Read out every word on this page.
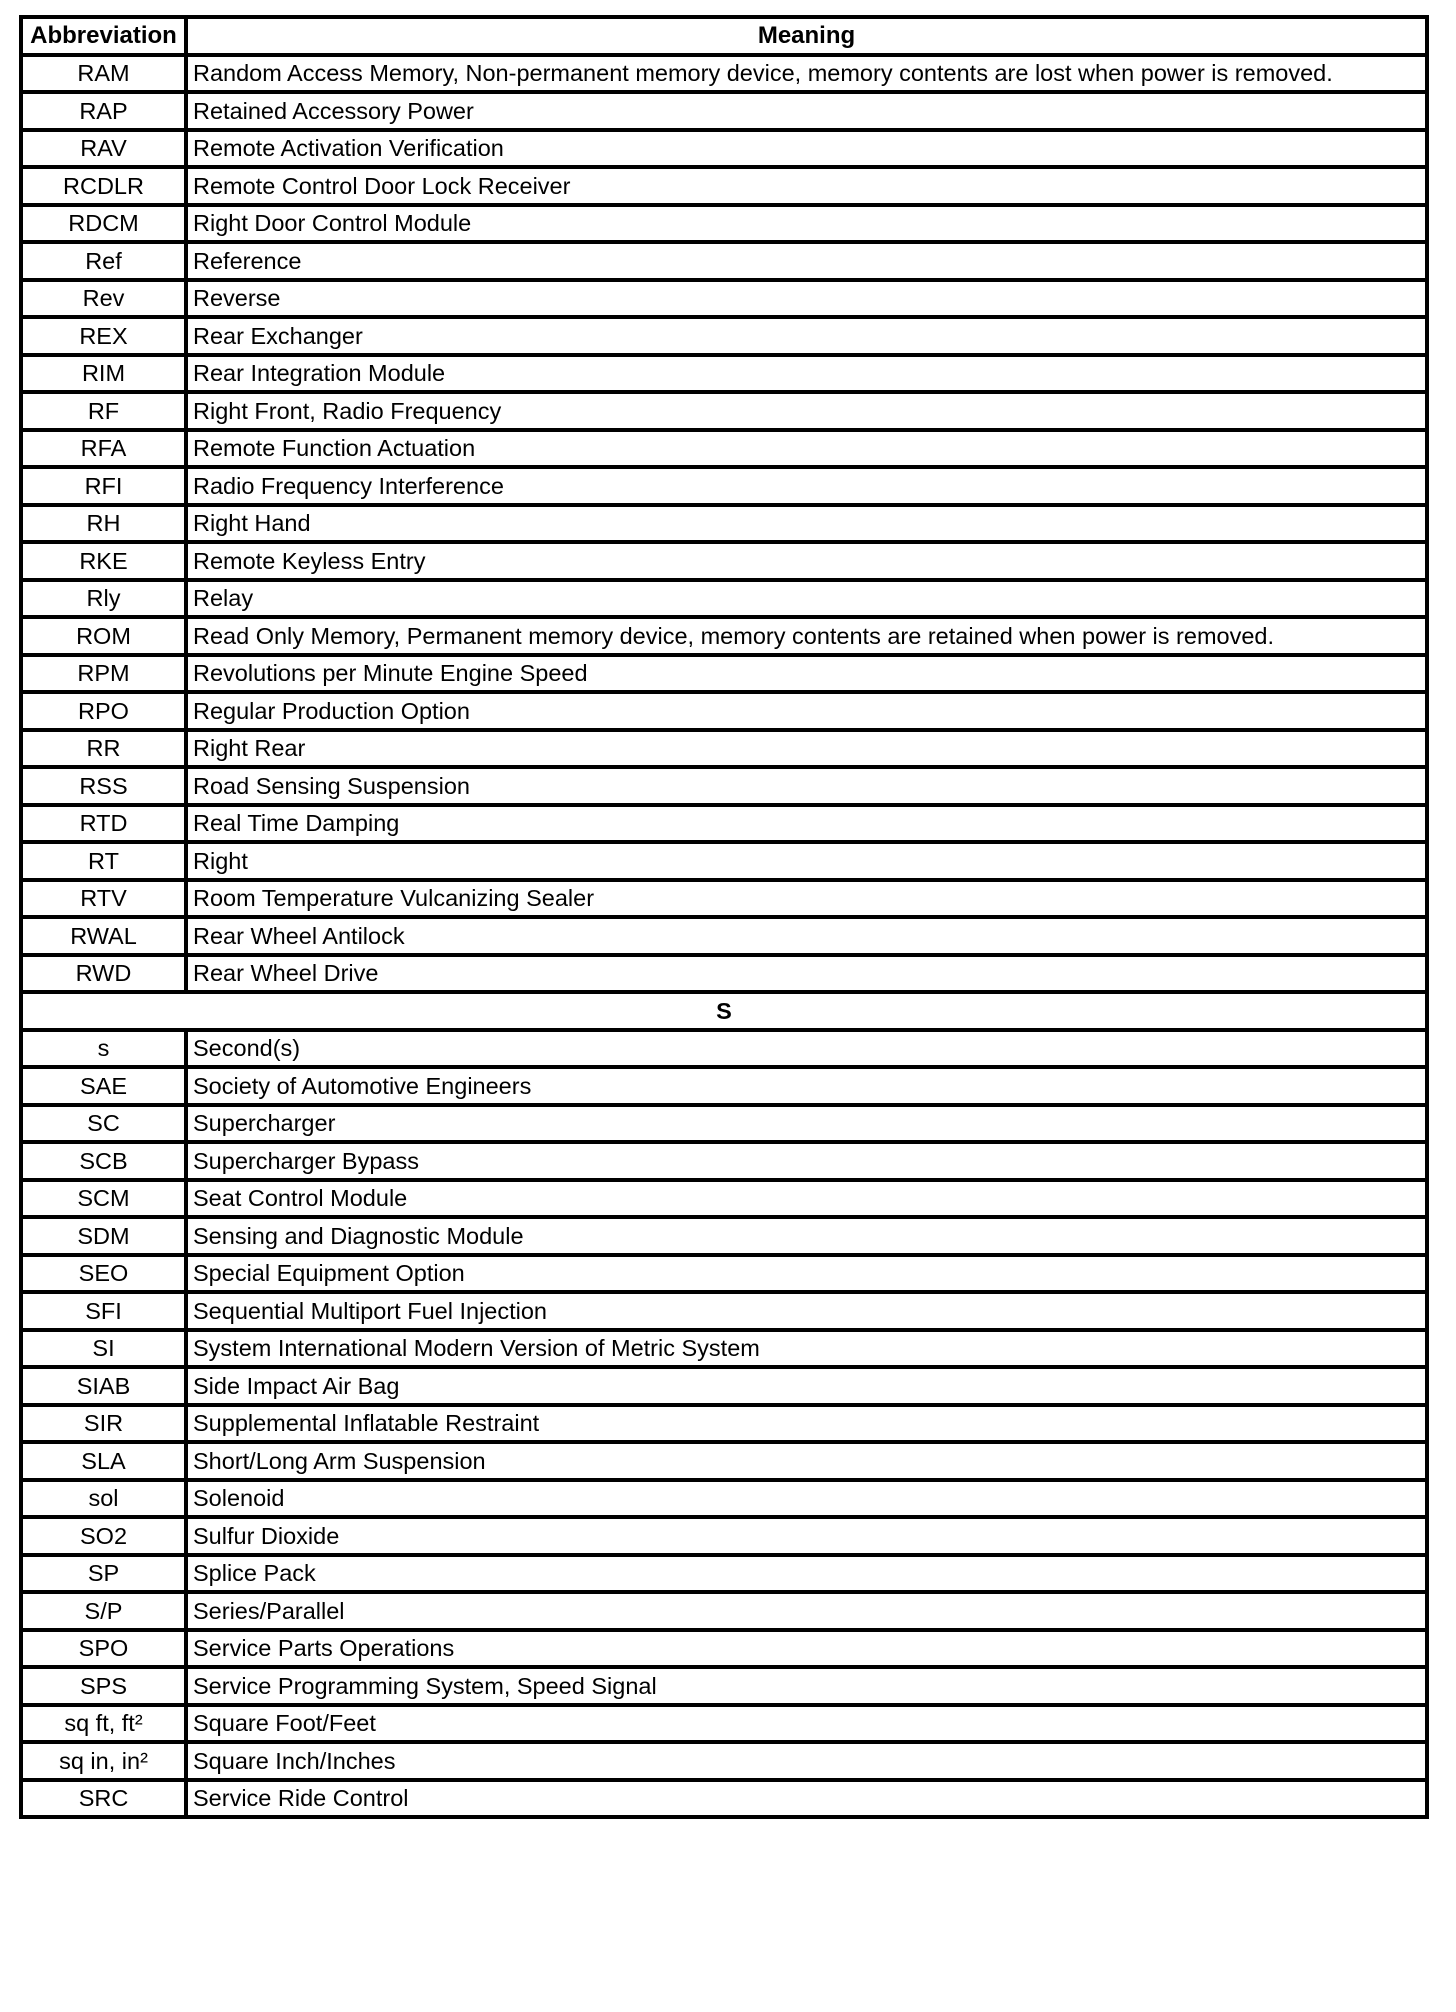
Abbreviation	Meaning
RAM	Random Access Memory, Non-permanent memory device, memory contents are lost when power is removed.
RAP	Retained Accessory Power
RAV	Remote Activation Verification
RCDLR	Remote Control Door Lock Receiver
RDCM	Right Door Control Module
Ref	Reference
Rev	Reverse
REX	Rear Exchanger
RIM	Rear Integration Module
RF	Right Front, Radio Frequency
RFA	Remote Function Actuation
RFI	Radio Frequency Interference
RH	Right Hand
RKE	Remote Keyless Entry
Rly	Relay
ROM	Read Only Memory, Permanent memory device, memory contents are retained when power is removed.
RPM	Revolutions per Minute Engine Speed
RPO	Regular Production Option
RR	Right Rear
RSS	Road Sensing Suspension
RTD	Real Time Damping
RT	Right
RTV	Room Temperature Vulcanizing Sealer
RWAL	Rear Wheel Antilock
RWD	Rear Wheel Drive
S	
s	Second(s)
SAE	Society of Automotive Engineers
SC	Supercharger
SCB	Supercharger Bypass
SCM	Seat Control Module
SDM	Sensing and Diagnostic Module
SEO	Special Equipment Option
SFI	Sequential Multiport Fuel Injection
SI	System International Modern Version of Metric System
SIAB	Side Impact Air Bag
SIR	Supplemental Inflatable Restraint
SLA	Short/Long Arm Suspension
sol	Solenoid
SO2	Sulfur Dioxide
SP	Splice Pack
S/P	Series/Parallel
SPO	Service Parts Operations
SPS	Service Programming System, Speed Signal
sq ft, ft²	Square Foot/Feet
sq in, in²	Square Inch/Inches
SRC	Service Ride Control
